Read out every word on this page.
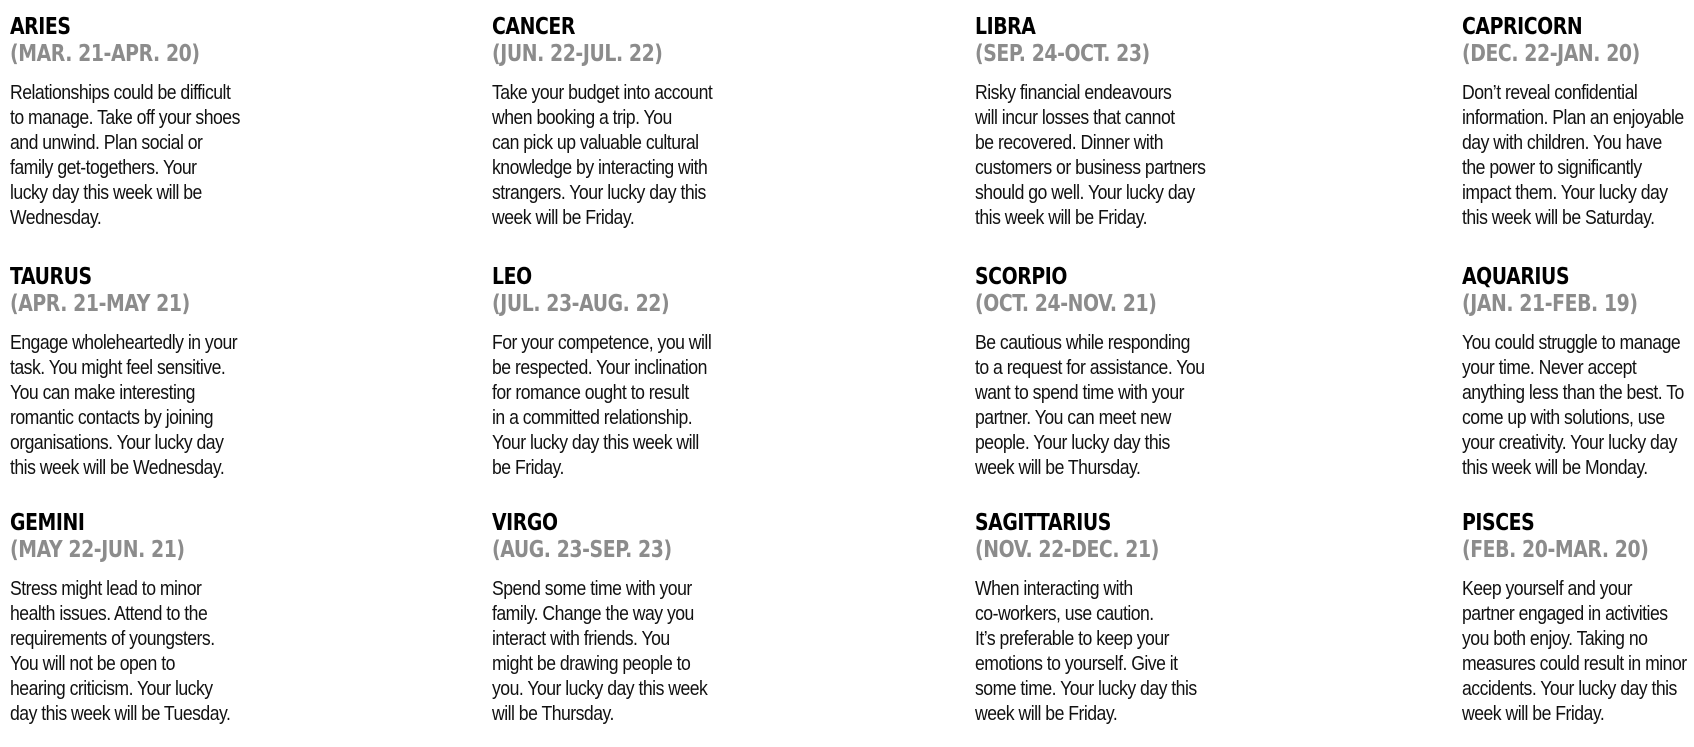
ARIES
(MAR. 21-APR. 20)
Relationships could be difficult
to manage. Take off your shoes
and unwind. Plan social or
family get-togethers. Your
lucky day this week will be
Wednesday.
TAURUS
(APR. 21-MAY 21)
Engage wholeheartedly in your
task. You might feel sensitive.
You can make interesting
romantic contacts by joining
organisations. Your lucky day
this week will be Wednesday.
GEMINI
(MAY 22-JUN. 21)
Stress might lead to minor
health issues. Attend to the
requirements of youngsters.
You will not be open to
hearing criticism. Your lucky
day this week will be Tuesday.
CANCER
(JUN. 22-JUL. 22)
Take your budget into account
when booking a trip. You
can pick up valuable cultural
knowledge by interacting with
strangers. Your lucky day this
week will be Friday.
LEO
(JUL. 23-AUG. 22)
For your competence, you will
be respected. Your inclination
for romance ought to result
in a committed relationship.
Your lucky day this week will
be Friday.
VIRGO
(AUG. 23-SEP. 23)
Spend some time with your
family. Change the way you
interact with friends. You
might be drawing people to
you. Your lucky day this week
will be Thursday.
LIBRA
(SEP. 24-OCT. 23)
Risky financial endeavours
will incur losses that cannot
be recovered. Dinner with
customers or business partners
should go well. Your lucky day
this week will be Friday.
SCORPIO
(OCT. 24-NOV. 21)
Be cautious while responding
to a request for assistance. You
want to spend time with your
partner. You can meet new
people. Your lucky day this
week will be Thursday.
SAGITTARIUS
(NOV. 22-DEC. 21)
When interacting with
co-workers, use caution.
It’s preferable to keep your
emotions to yourself. Give it
some time. Your lucky day this
week will be Friday.
CAPRICORN
(DEC. 22-JAN. 20)
Don’t reveal confidential
information. Plan an enjoyable
day with children. You have
the power to significantly
impact them. Your lucky day
this week will be Saturday.
AQUARIUS
(JAN. 21-FEB. 19)
You could struggle to manage
your time. Never accept
anything less than the best. To
come up with solutions, use
your creativity. Your lucky day
this week will be Monday.
PISCES
(FEB. 20-MAR. 20)
Keep yourself and your
partner engaged in activities
you both enjoy. Taking no
measures could result in minor
accidents. Your lucky day this
week will be Friday.
